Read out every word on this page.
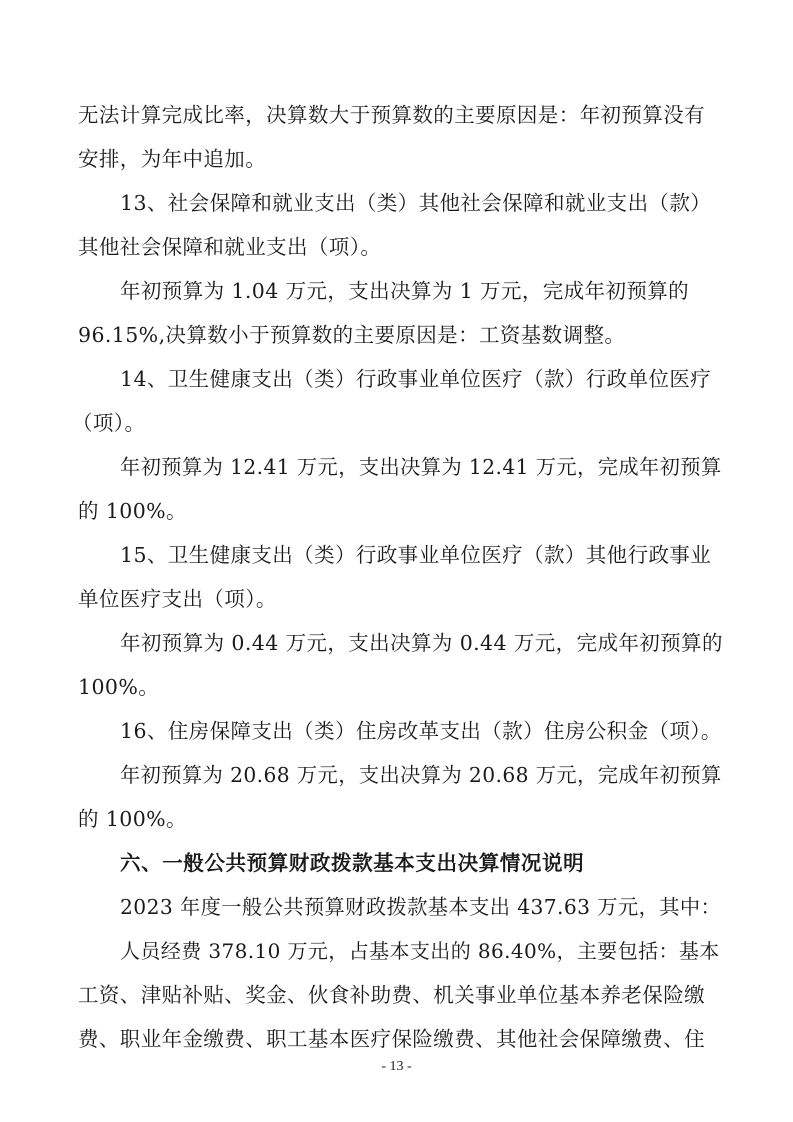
无法计算完成比率，决算数大于预算数的主要原因是：年初预算没有
安排，为年中追加。
13、社会保障和就业支出（类）其他社会保障和就业支出（款）
其他社会保障和就业支出（项）。
年初预算为 1.04 万元，支出决算为 1 万元，完成年初预算的
96.15%,决算数小于预算数的主要原因是：工资基数调整。
14、卫生健康支出（类）行政事业单位医疗（款）行政单位医疗
（项）。
年初预算为 12.41 万元，支出决算为 12.41 万元，完成年初预算
的 100%。
15、卫生健康支出（类）行政事业单位医疗（款）其他行政事业
单位医疗支出（项）。
年初预算为 0.44 万元，支出决算为 0.44 万元，完成年初预算的
100%。
16、住房保障支出（类）住房改革支出（款）住房公积金（项）。
年初预算为 20.68 万元，支出决算为 20.68 万元，完成年初预算
的 100%。
六、一般公共预算财政拨款基本支出决算情况说明
2023 年度一般公共预算财政拨款基本支出 437.63 万元，其中：
人员经费 378.10 万元，占基本支出的 86.40%，主要包括：基本
工资、津贴补贴、奖金、伙食补助费、机关事业单位基本养老保险缴
费、职业年金缴费、职工基本医疗保险缴费、其他社会保障缴费、住
- 13 -
